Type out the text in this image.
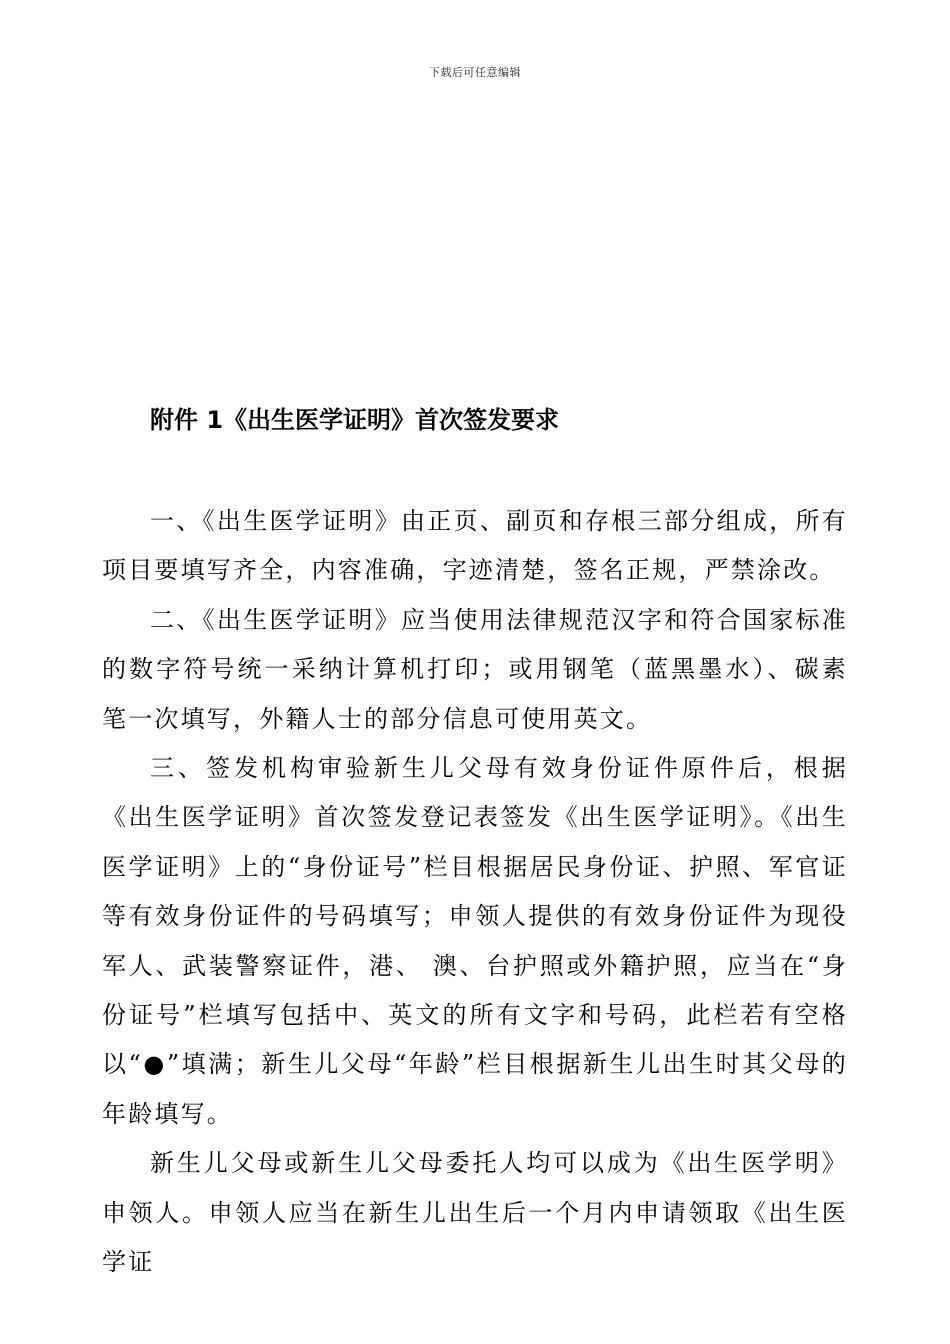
下载后可任意编辑
附件 1《出生医学证明》首次签发要求

一、《出生医学证明》由正页、副页和存根三部分组成，所有项目要填写齐全，内容准确，字迹清楚，签名正规，严禁涂改。

二、《出生医学证明》应当使用法律规范汉字和符合国家标准的数字符号统一采纳计算机打印；或用钢笔（蓝黑墨水）、碳素笔一次填写，外籍人士的部分信息可使用英文。

三、签发机构审验新生儿父母有效身份证件原件后，根据《出生医学证明》首次签发登记表签发《出生医学证明》。《出生医学证明》上的“身份证号”栏目根据居民身份证、护照、军官证等有效身份证件的号码填写；申领人提供的有效身份证件为现役军人、武装警察证件，港、 澳、台护照或外籍护照，应当在“身份证号”栏填写包括中、英文的所有文字和号码，此栏若有空格以“●”填满；新生儿父母“年龄”栏目根据新生儿出生时其父母的年龄填写。

新生儿父母或新生儿父母委托人均可以成为《出生医学明》申领人。申领人应当在新生儿出生后一个月内申请领取《出生医学证
